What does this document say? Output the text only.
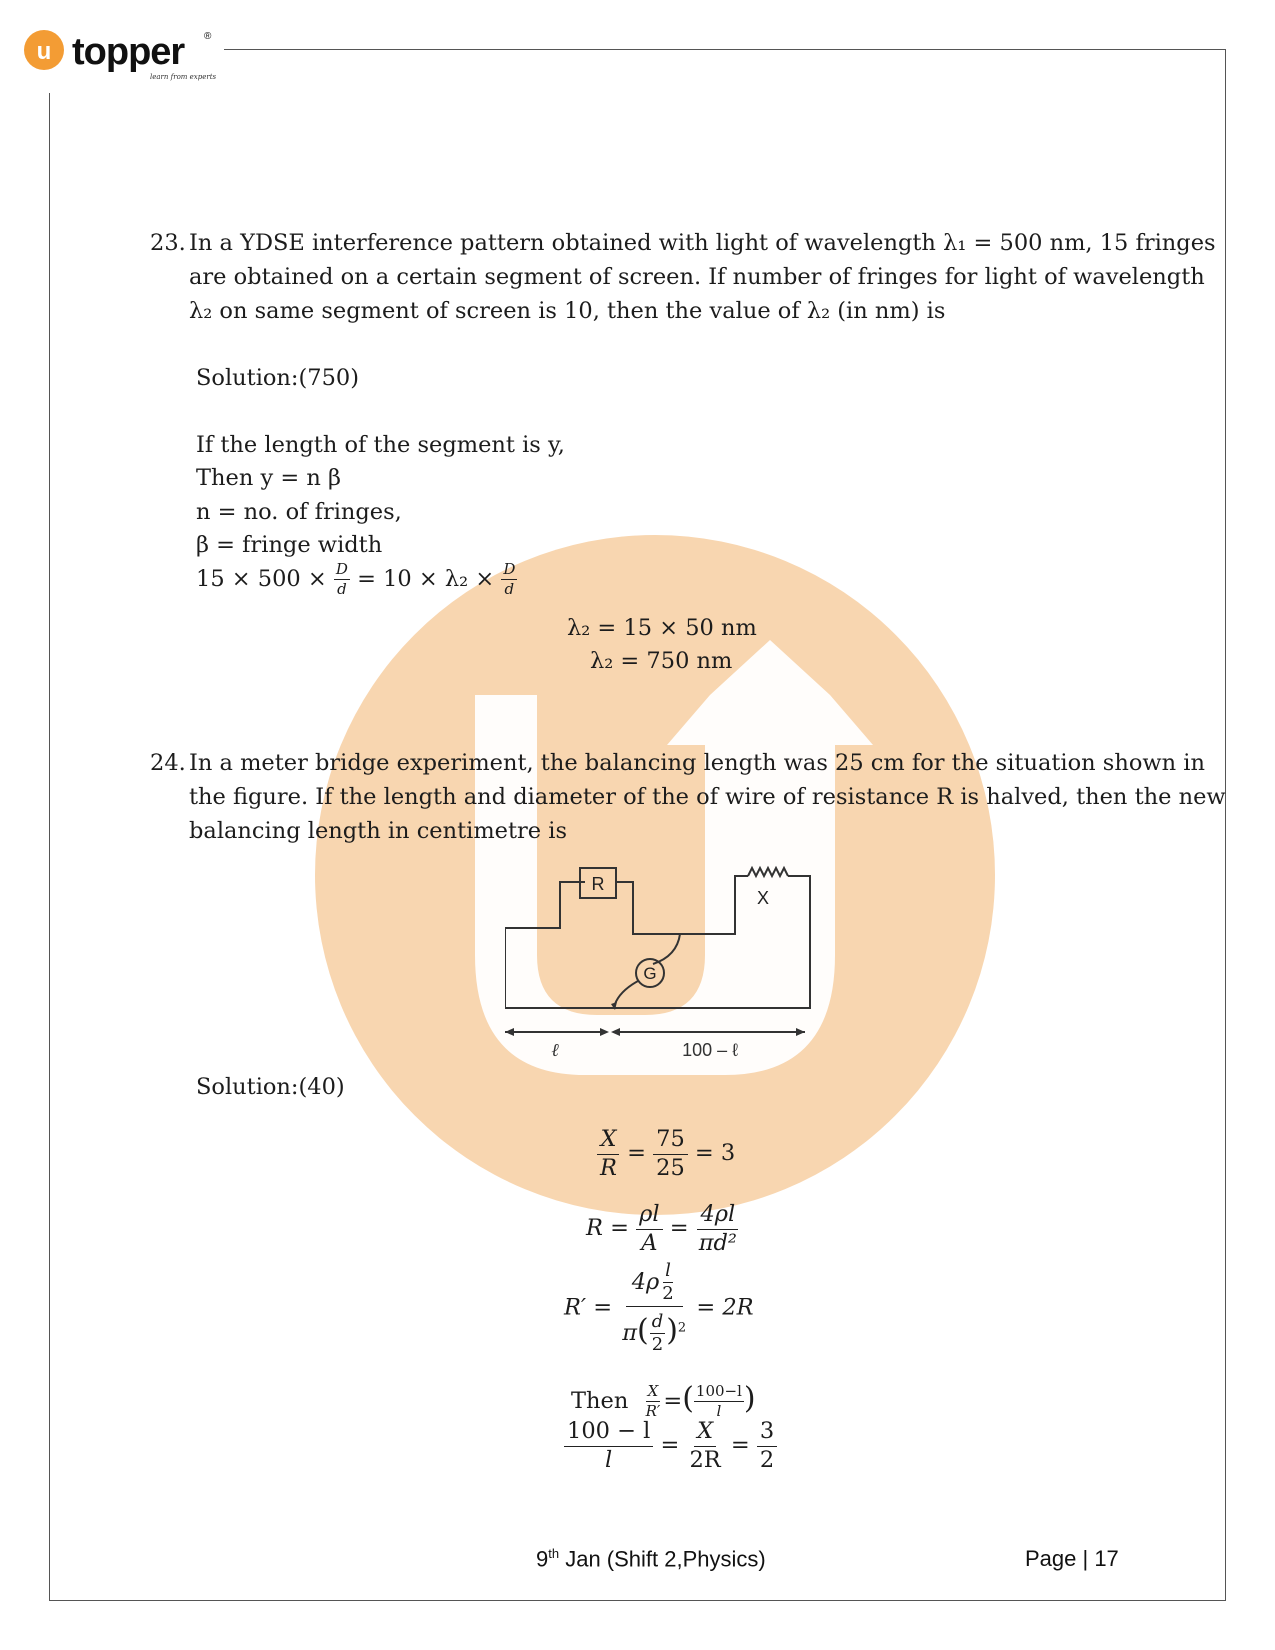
u topper ®
learn from experts
23. In a YDSE interference pattern obtained with light of wavelength λ₁ = 500 nm, 15 fringes
are obtained on a certain segment of screen. If number of fringes for light of wavelength
λ₂ on same segment of screen is 10, then the value of λ₂ (in nm) is
Solution:(750)
If the length of the segment is y,
Then y = n β
n = no. of fringes,
β = fringe width
$15 \times 500 \times \frac{D}{d} = 10 \times \lambda_2 \times \frac{D}{d}$
λ₂ = 15 × 50 nm
λ₂ = 750 nm
24. In a meter bridge experiment, the balancing length was 25 cm for the situation shown in
the figure. If the length and diameter of the of wire of resistance R is halved, then the new
balancing length in centimetre is
R
X
G
ℓ	100 – ℓ
Solution:(40)
$\frac{X}{R} = \frac{75}{25} = 3$
$R = \frac{\rho l}{A} = \frac{4\rho l}{\text{πd²}}$
$R' = \frac{4\rho \frac{l}{2}}{\pi( \frac{d}{2} )^2} = 2R$
Then $\frac{X}{R'}$ =( $\frac{100-l}{l}$ )
$\frac{100 - l}{l} = \frac{X}{2R} = \frac{3}{2}$
9th Jan (Shift 2,Physics)	Page | 17
